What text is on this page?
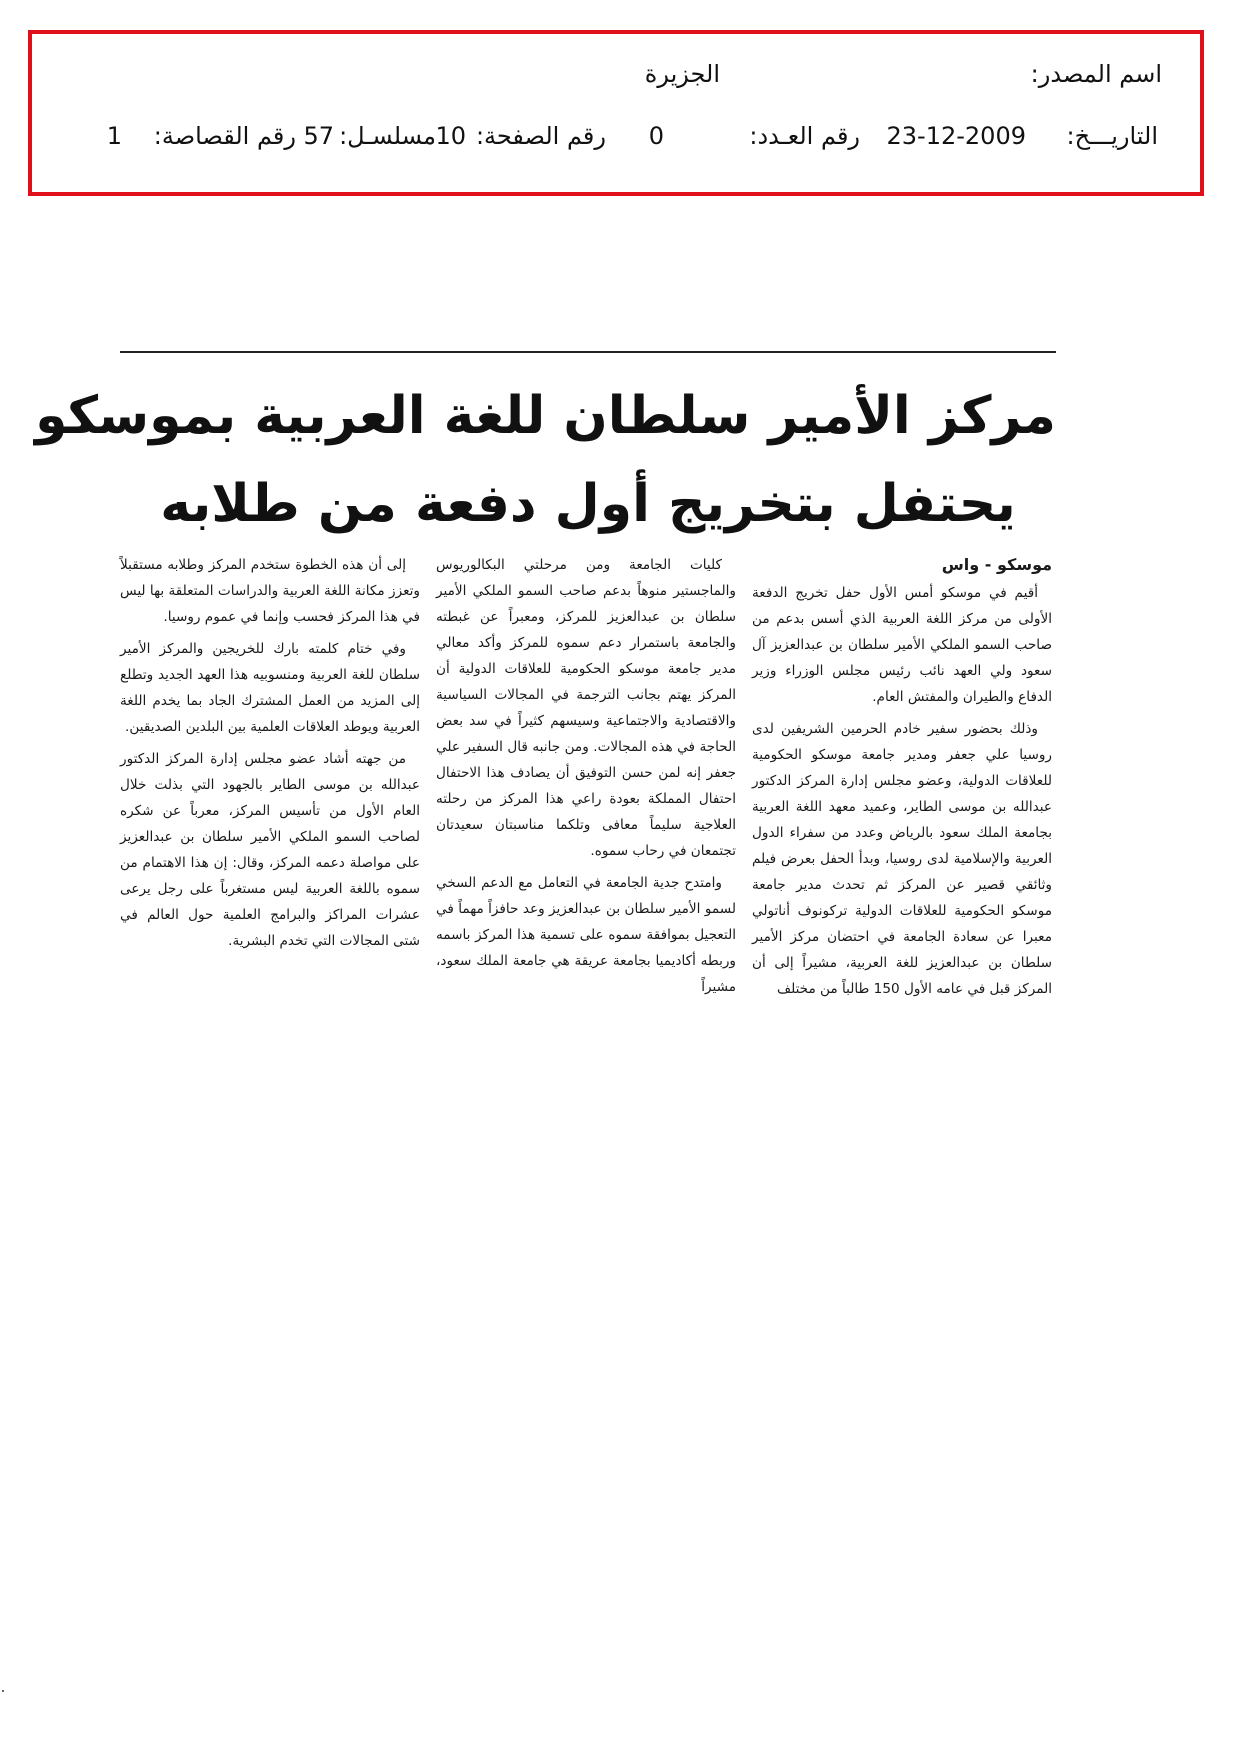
اسم المصدر:
الجزيرة
التاريـــخ:
23-12-2009
رقم العـدد:
0
رقم الصفحة:
10
مسلسـل:
57
رقم القصاصة:
1
مركز الأمير سلطان للغة العربية بموسكو
يحتفل بتخريج أول دفعة من طلابه
موسكو - واس

أقيم في موسكو أمس الأول حفل تخريج الدفعة الأولى من مركز اللغة العربية الذي أسس بدعم من صاحب السمو الملكي الأمير سلطان بن عبدالعزيز آل سعود ولي العهد نائب رئيس مجلس الوزراء وزير الدفاع والطيران والمفتش العام.

وذلك بحضور سفير خادم الحرمين الشريفين لدى روسيا علي جعفر ومدير جامعة موسكو الحكومية للعلاقات الدولية، وعضو مجلس إدارة المركز الدكتور عبدالله بن موسى الطاير، وعميد معهد اللغة العربية بجامعة الملك سعود بالرياض وعدد من سفراء الدول العربية والإسلامية لدى روسيا، وبدأ الحفل بعرض فيلم وثائقي قصير عن المركز ثم تحدث مدير جامعة موسكو الحكومية للعلاقات الدولية تركونوف أناتولي معبرا عن سعادة الجامعة في احتضان مركز الأمير سلطان بن عبدالعزيز للغة العربية، مشيراً إلى أن المركز قبل في عامه الأول 150 طالباً من مختلف

كليات الجامعة ومن مرحلتي البكالوريوس والماجستير منوهاً بدعم صاحب السمو الملكي الأمير سلطان بن عبدالعزيز للمركز، ومعبراً عن غبطته والجامعة باستمرار دعم سموه للمركز وأكد معالي مدير جامعة موسكو الحكومية للعلاقات الدولية أن المركز يهتم بجانب الترجمة في المجالات السياسية والاقتصادية والاجتماعية وسيسهم كثيراً في سد بعض الحاجة في هذه المجالات. ومن جانبه قال السفير علي جعفر إنه لمن حسن التوفيق أن يصادف هذا الاحتفال احتفال المملكة بعودة راعي هذا المركز من رحلته العلاجية سليماً معافى وتلكما مناسبتان سعيدتان تجتمعان في رحاب سموه.

وامتدح جدية الجامعة في التعامل مع الدعم السخي لسمو الأمير سلطان بن عبدالعزيز وعد حافزاً مهماً في التعجيل بموافقة سموه على تسمية هذا المركز باسمه وربطه أكاديميا بجامعة عريقة هي جامعة الملك سعود، مشيراً

إلى أن هذه الخطوة ستخدم المركز وطلابه مستقبلاً وتعزز مكانة اللغة العربية والدراسات المتعلقة بها ليس في هذا المركز فحسب وإنما في عموم روسيا.

وفي ختام كلمته بارك للخريجين والمركز الأمير سلطان للغة العربية ومنسوبيه هذا العهد الجديد وتطلع إلى المزيد من العمل المشترك الجاد بما يخدم اللغة العربية ويوطد العلاقات العلمية بين البلدين الصديقين.

من جهته أشاد عضو مجلس إدارة المركز الدكتور عبدالله بن موسى الطاير بالجهود التي بذلت خلال العام الأول من تأسيس المركز، معرباً عن شكره لصاحب السمو الملكي الأمير سلطان بن عبدالعزيز على مواصلة دعمه المركز، وقال: إن هذا الاهتمام من سموه باللغة العربية ليس مستغرباً على رجل يرعى عشرات المراكز والبرامج العلمية حول العالم في شتى المجالات التي تخدم البشرية.
